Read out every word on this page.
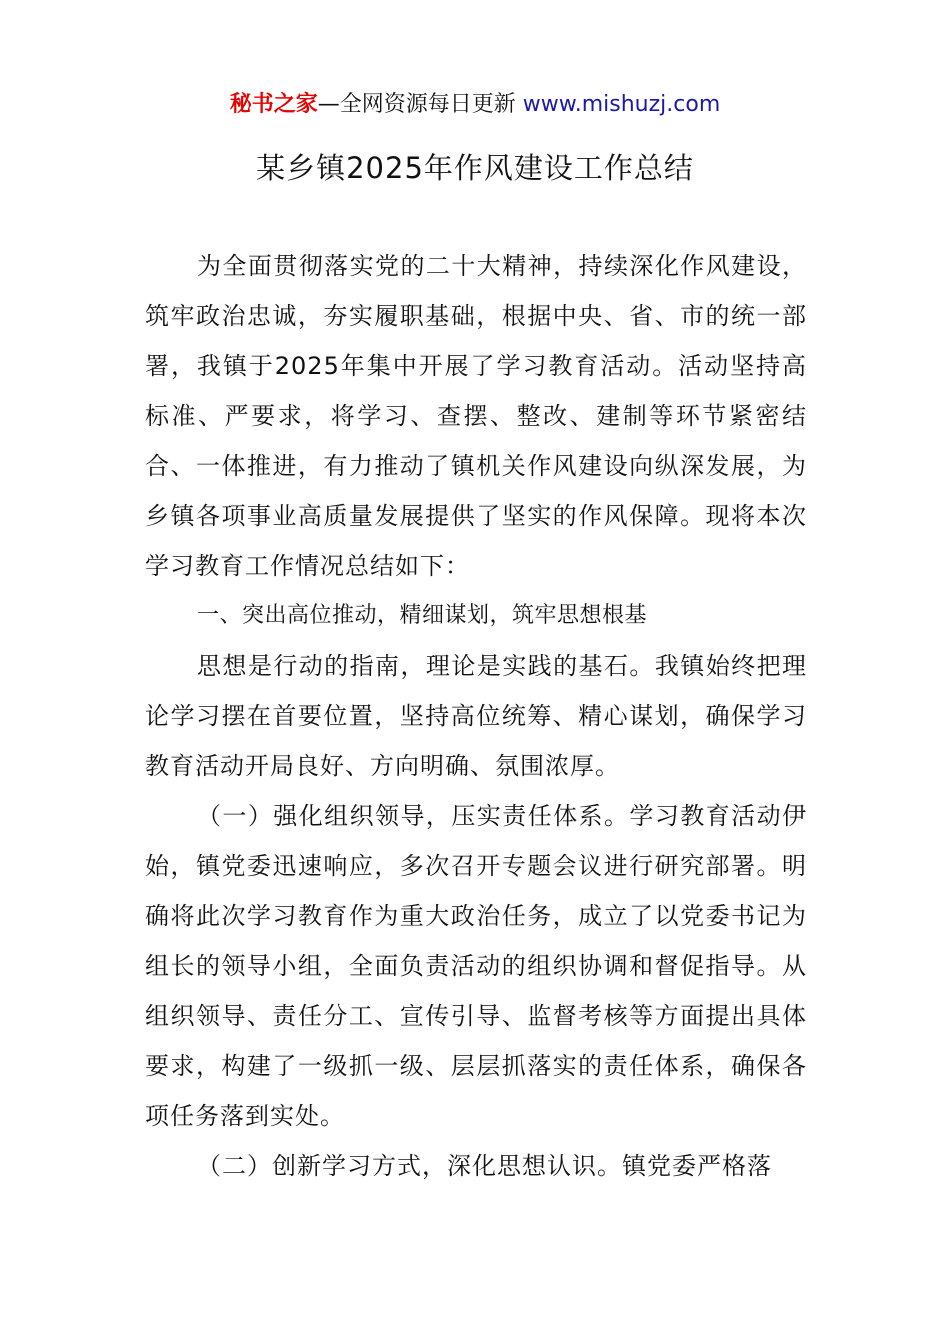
秘书之家—全网资源每日更新 www.mishuzj.com
某乡镇2025年作风建设工作总结

为全面贯彻落实党的二十大精神，持续深化作风建设，筑牢政治忠诚，夯实履职基础，根据中央、省、市的统一部署，我镇于2025年集中开展了学习教育活动。活动坚持高标准、严要求，将学习、查摆、整改、建制等环节紧密结合、一体推进，有力推动了镇机关作风建设向纵深发展，为乡镇各项事业高质量发展提供了坚实的作风保障。现将本次学习教育工作情况总结如下：

一、突出高位推动，精细谋划，筑牢思想根基

思想是行动的指南，理论是实践的基石。我镇始终把理论学习摆在首要位置，坚持高位统筹、精心谋划，确保学习教育活动开局良好、方向明确、氛围浓厚。

（一）强化组织领导，压实责任体系。学习教育活动伊始，镇党委迅速响应，多次召开专题会议进行研究部署。明确将此次学习教育作为重大政治任务，成立了以党委书记为组长的领导小组，全面负责活动的组织协调和督促指导。从组织领导、责任分工、宣传引导、监督考核等方面提出具体要求，构建了一级抓一级、层层抓落实的责任体系，确保各项任务落到实处。

（二）创新学习方式，深化思想认识。镇党委严格落
